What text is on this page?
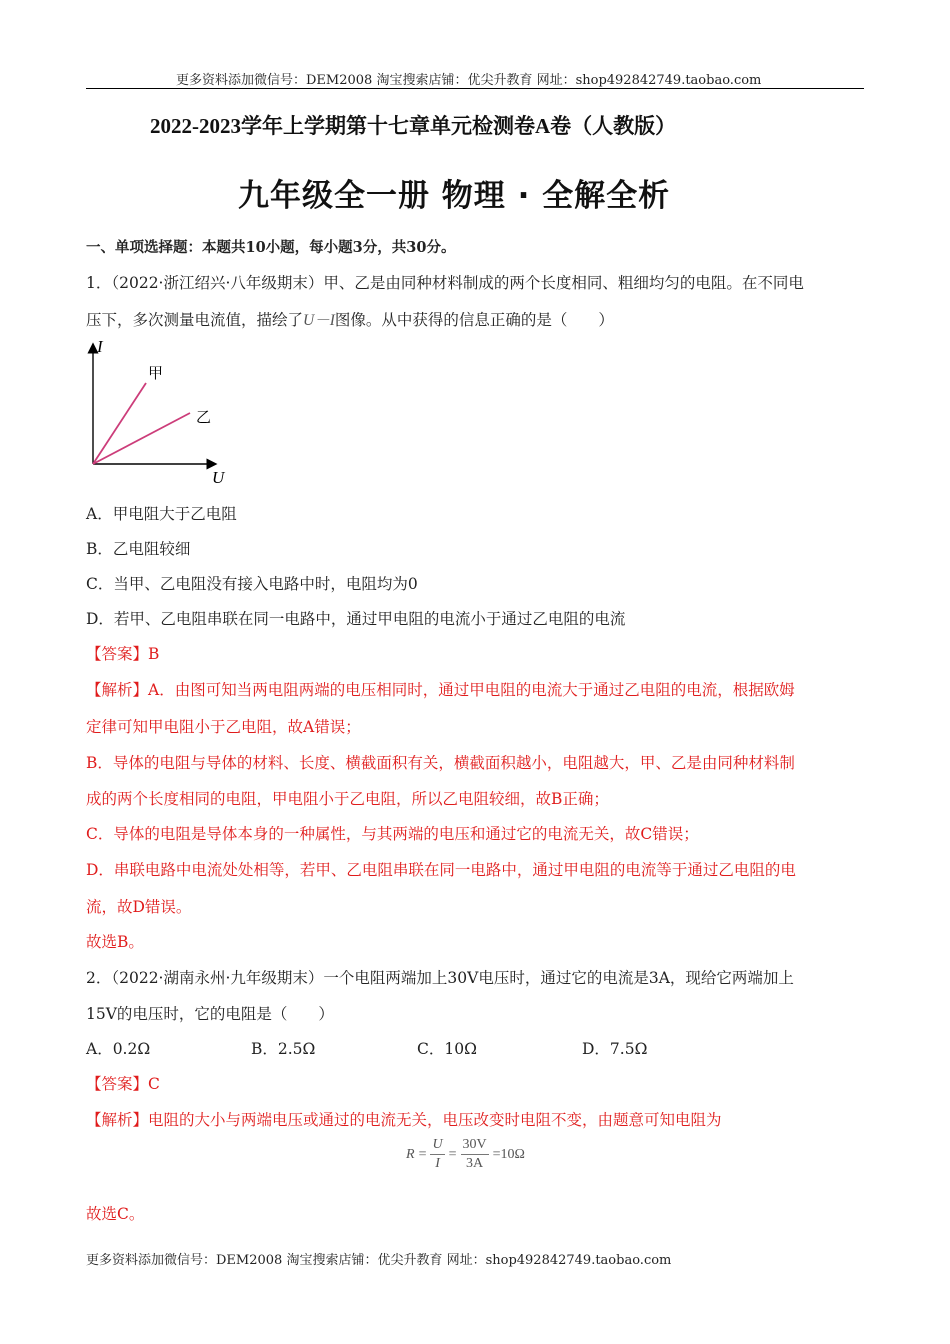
更多资料添加微信号：DEM2008 淘宝搜索店铺：优尖升教育 网址：shop492842749.taobao.com
2022-2023学年上学期第十七章单元检测卷A卷（人教版）
九年级全一册 物理 · 全解全析
一、单项选择题：本题共10小题，每小题3分，共30分。
1．（2022·浙江绍兴·八年级期末）甲、乙是由同种材料制成的两个长度相同、粗细均匀的电阻。在不同电
压下，多次测量电流值，描绘了U－I图像。从中获得的信息正确的是（　　）
I
U
甲
乙
A．甲电阻大于乙电阻
B．乙电阻较细
C．当甲、乙电阻没有接入电路中时，电阻均为0
D．若甲、乙电阻串联在同一电路中，通过甲电阻的电流小于通过乙电阻的电流
【答案】B
【解析】A．由图可知当两电阻两端的电压相同时，通过甲电阻的电流大于通过乙电阻的电流，根据欧姆
定律可知甲电阻小于乙电阻，故A错误；
B．导体的电阻与导体的材料、长度、横截面积有关，横截面积越小，电阻越大，甲、乙是由同种材料制
成的两个长度相同的电阻，甲电阻小于乙电阻，所以乙电阻较细，故B正确；
C．导体的电阻是导体本身的一种属性，与其两端的电压和通过它的电流无关，故C错误；
D．串联电路中电流处处相等，若甲、乙电阻串联在同一电路中，通过甲电阻的电流等于通过乙电阻的电
流，故D错误。
故选B。
2．（2022·湖南永州·九年级期末）一个电阻两端加上30V电压时，通过它的电流是3A，现给它两端加上
15V的电压时，它的电阻是（　　）
A．0.2Ω	B．2.5Ω	C．10Ω	D．7.5Ω
【答案】C
【解析】电阻的大小与两端电压或通过的电流无关，电压改变时电阻不变，由题意可知电阻为
$R = \frac{U}{I} = \frac{30V}{3A} =10\Omega$
故选C。
更多资料添加微信号：DEM2008 淘宝搜索店铺：优尖升教育 网址：shop492842749.taobao.com
